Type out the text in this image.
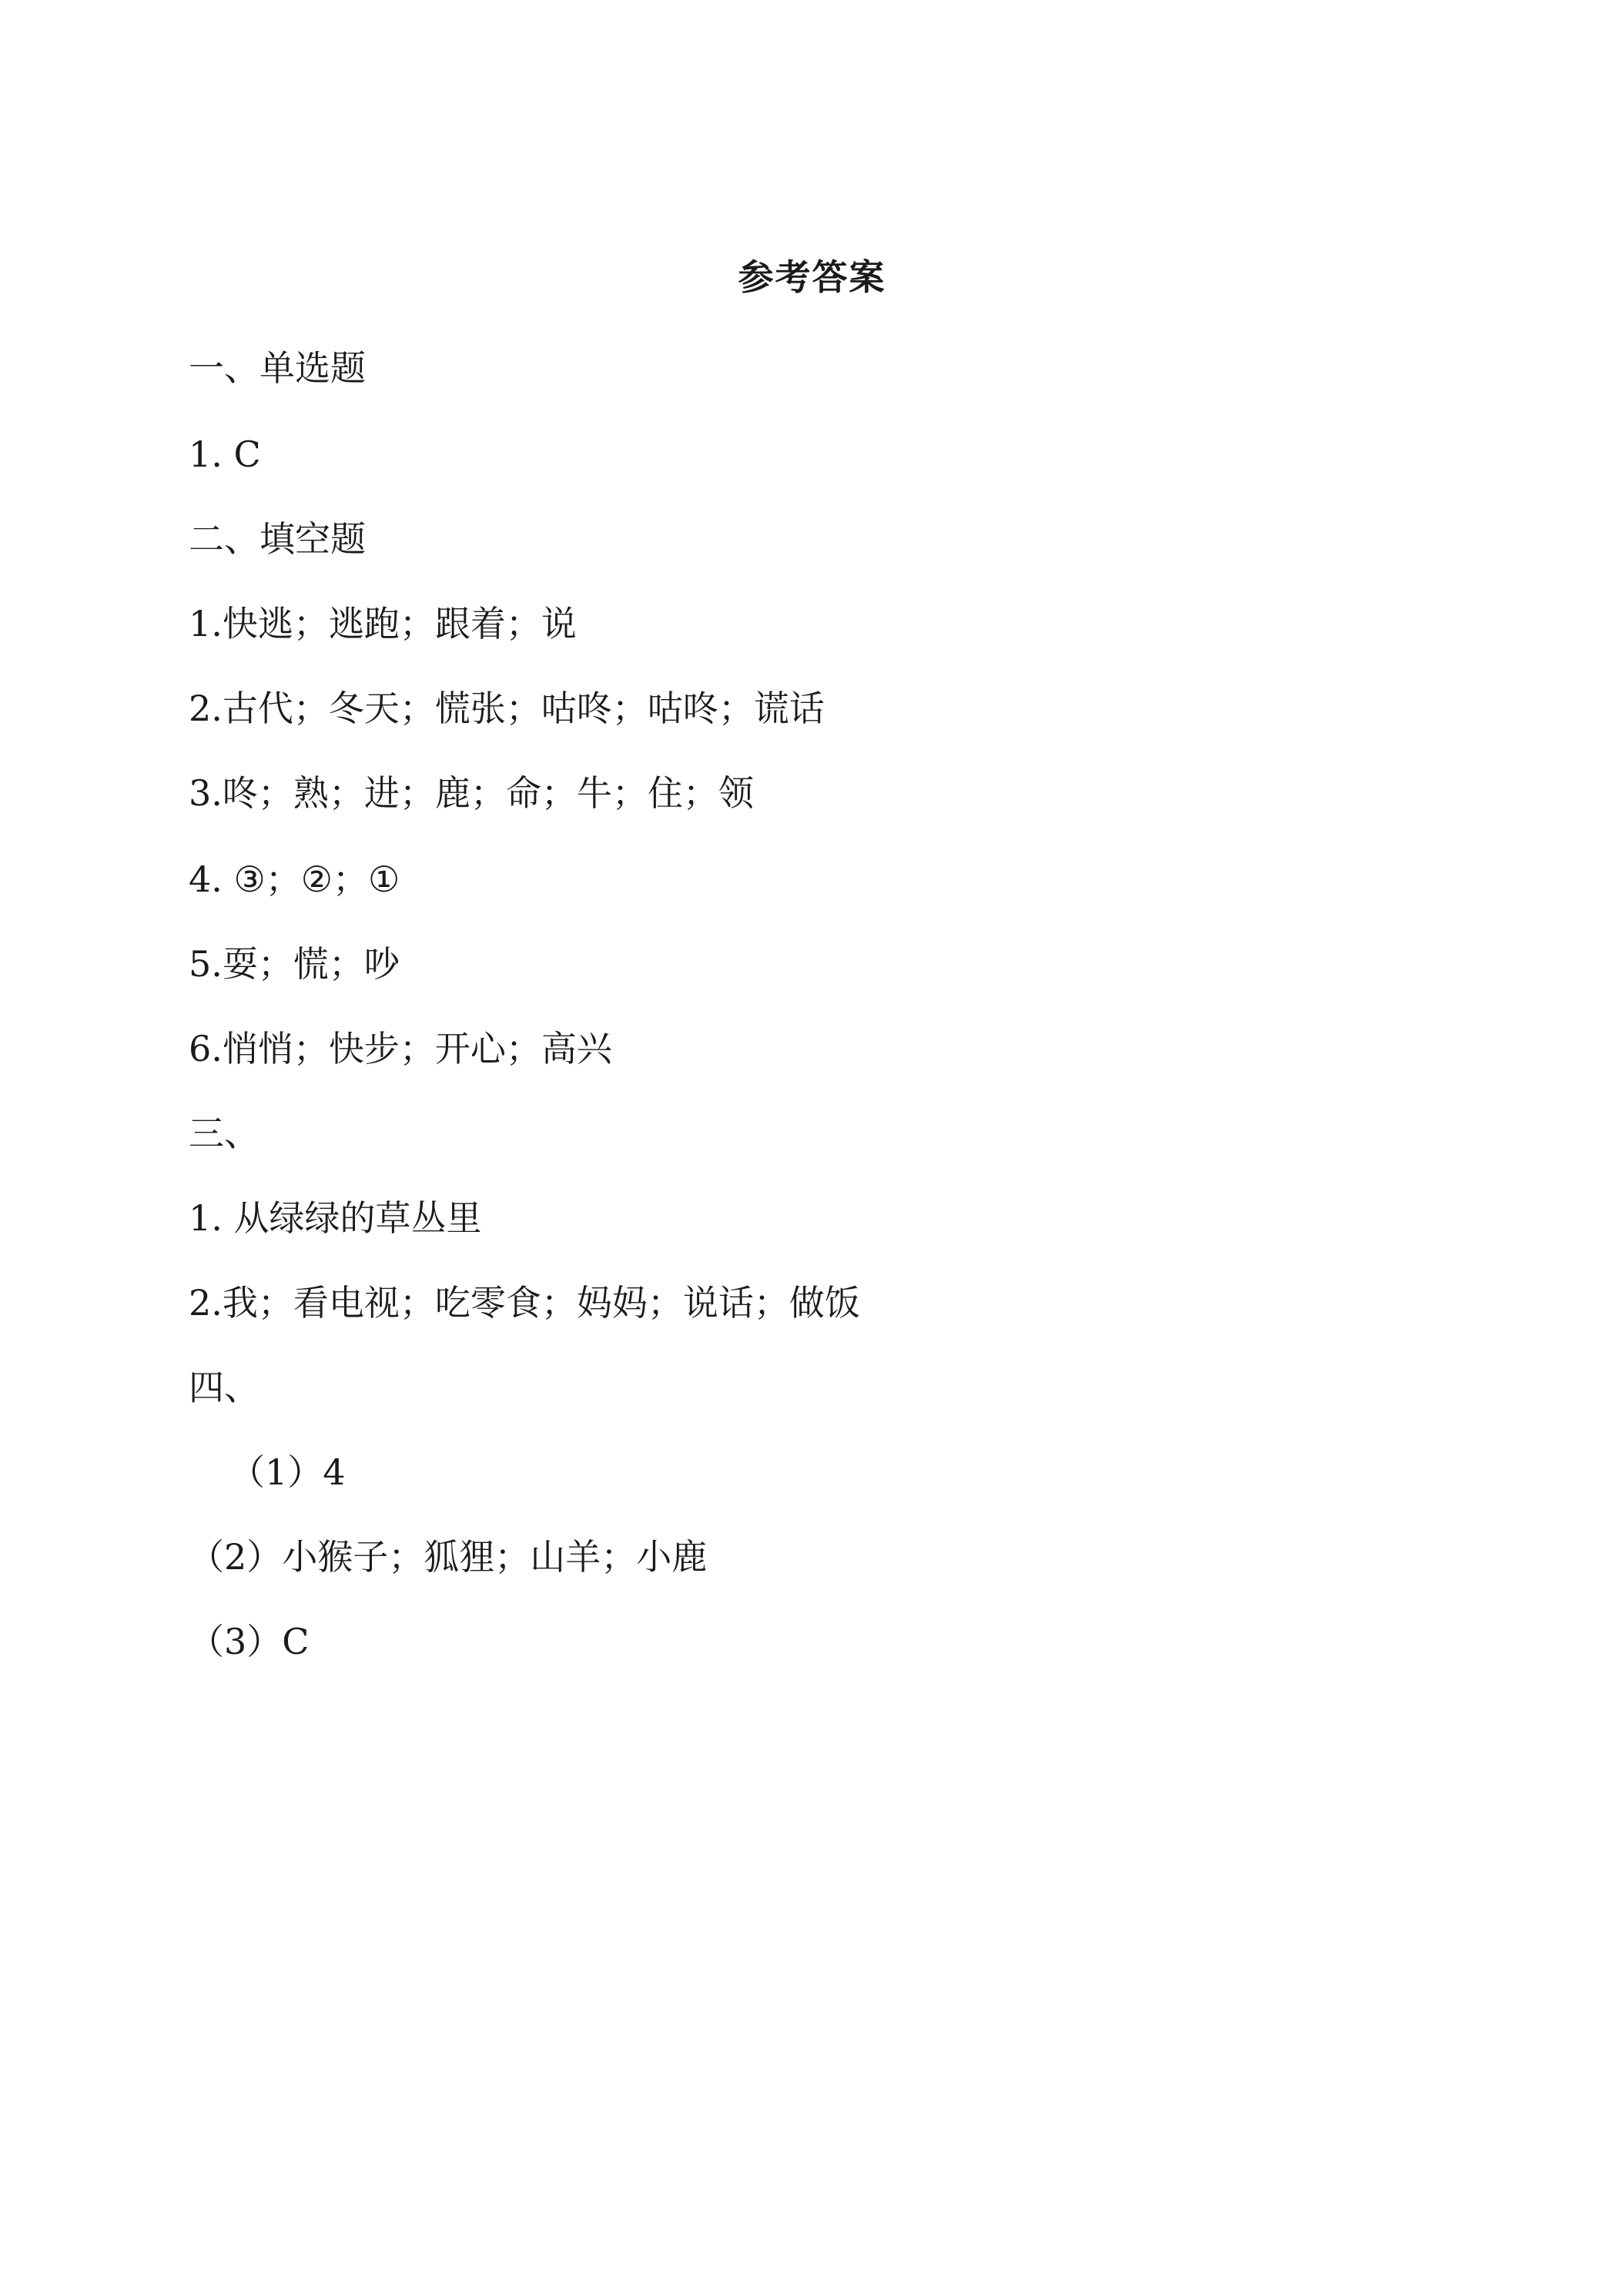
参考答案
一、单选题
1. C
二、填空题
1.快逃；逃跑；跟着；说
2.古代；冬天；慌张；咕咚；咕咚；谎话
3.咚；熟；进；鹿；命；牛；住；领
4. ③；②；①
5.耍；慌；吵
6.悄悄；快步；开心；高兴
三、
1. 从绿绿的草丛里
2.我；看电视；吃零食；妈妈；说话；做饭
四、
（1）4
（2）小猴子；狐狸；山羊；小鹿
（3）C
